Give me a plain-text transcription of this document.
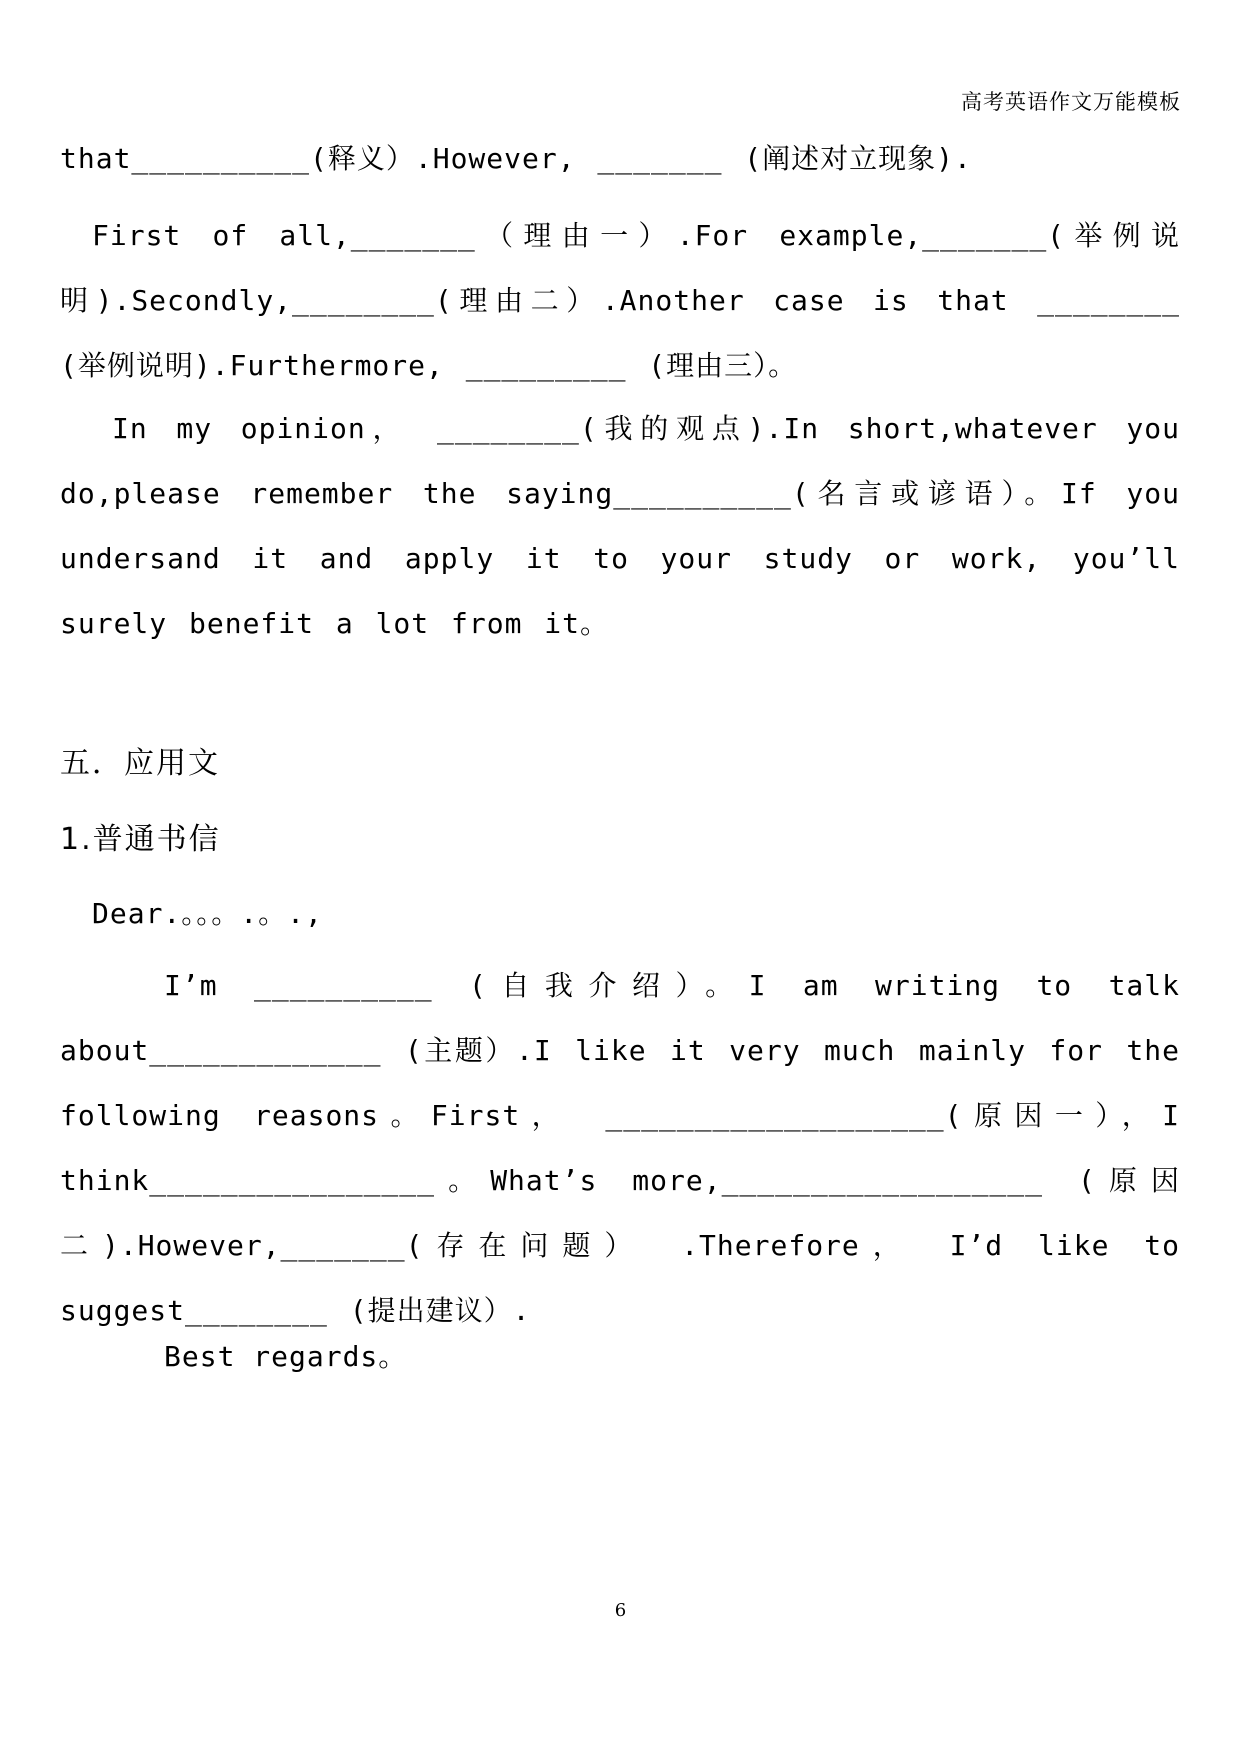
高考英语作文万能模板

that__________(释义）.However, _______ (阐述对立现象).

First of all,_______（理由一）.For example,_______(举例说明).Secondly,________(理由二）.Another case is that ________ (举例说明).Furthermore, _________ (理由三）。

In my opinion， ________(我的观点).In short,whatever you do,please remember the saying__________(名言或谚语）。If you undersand it and apply it to your study or work, you’ll surely benefit a lot from it。

五．应用文
1.普通书信
Dear.。。。.。.,

I’m __________ (自我介绍）。I am writing to talk about_____________ (主题）.I like it very much mainly for the following reasons。First， ___________________(原因一），I think________________。What’s more,__________________ (原因二).However,_______(存在问题） .Therefore， I’d like to suggest________ (提出建议）.

Best regards。
6
